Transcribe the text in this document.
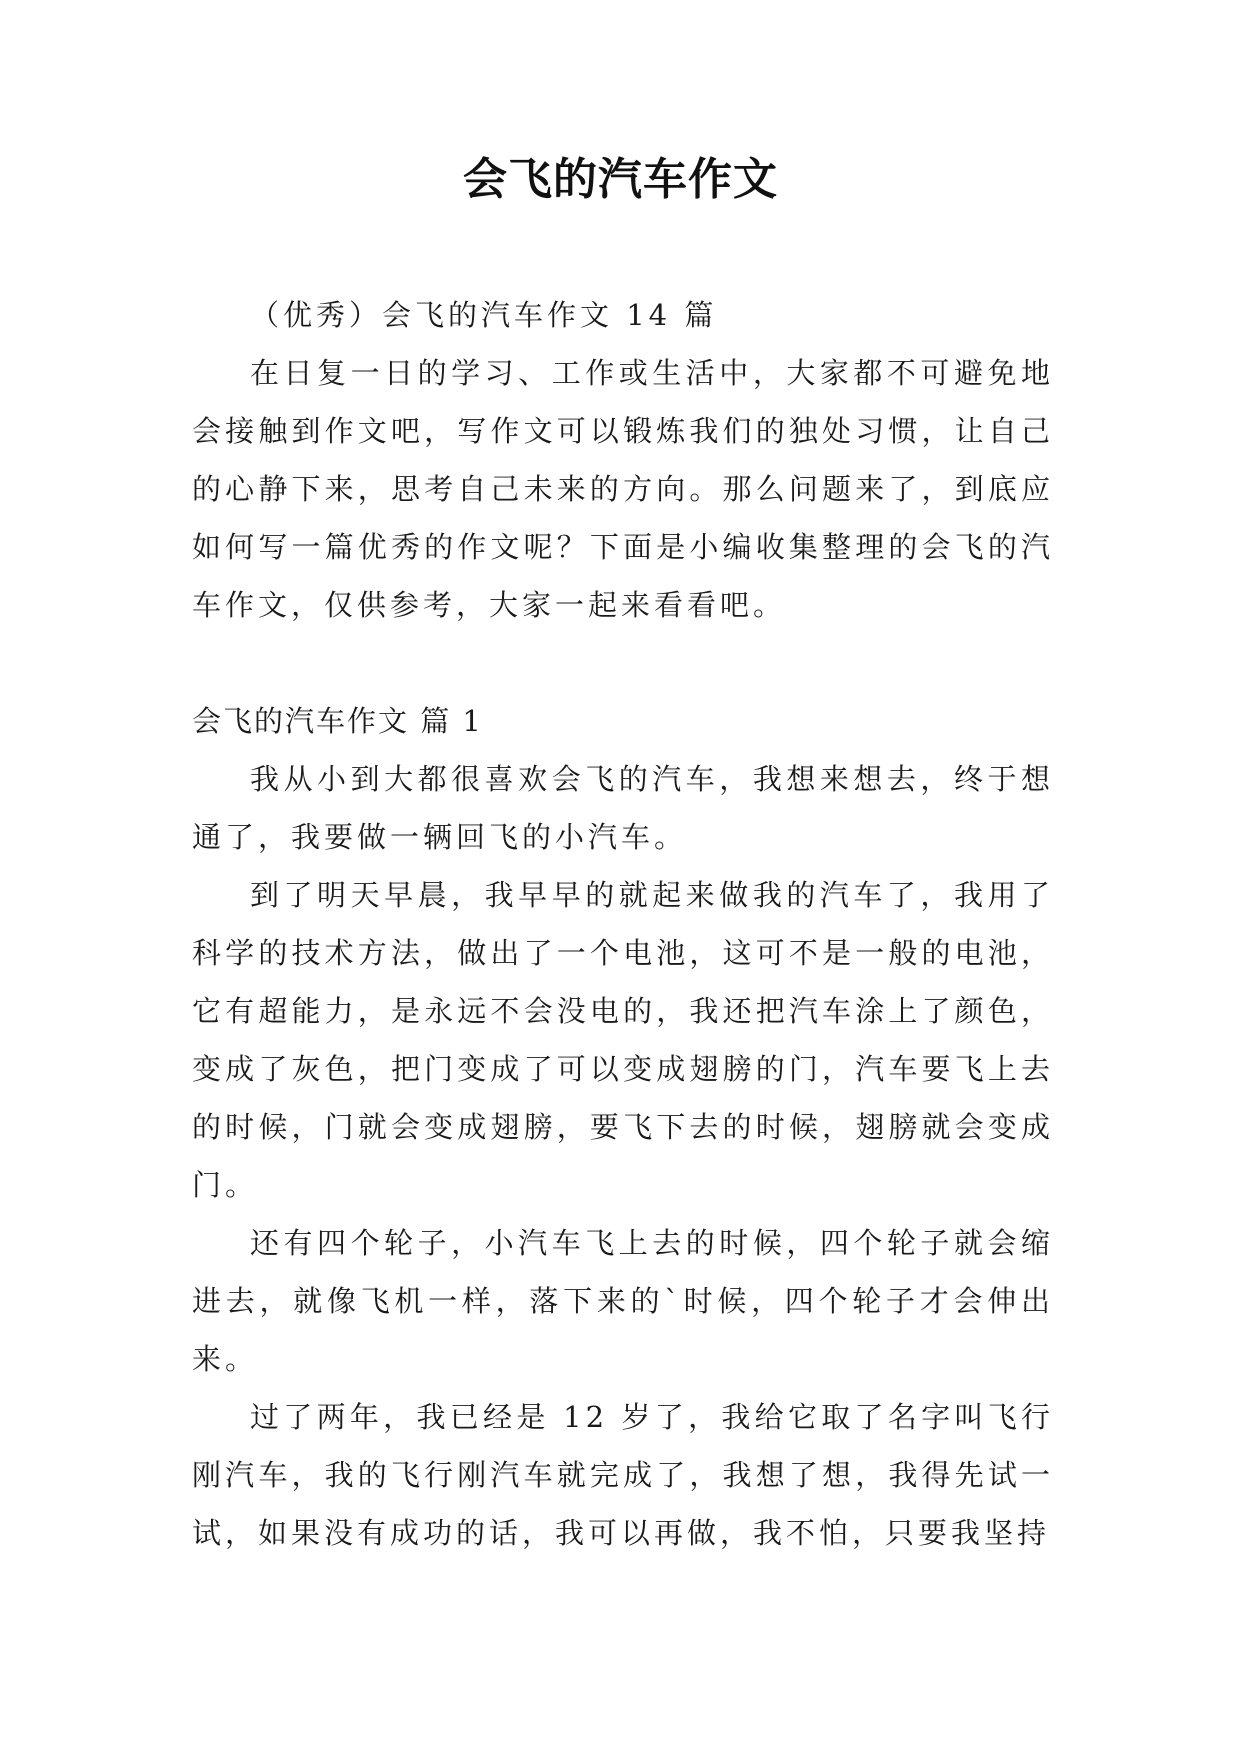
会飞的汽车作文

（优秀）会飞的汽车作文 14 篇

在日复一日的学习、工作或生活中，大家都不可避免地会接触到作文吧，写作文可以锻炼我们的独处习惯，让自己的心静下来，思考自己未来的方向。那么问题来了，到底应如何写一篇优秀的作文呢？下面是小编收集整理的会飞的汽车作文，仅供参考，大家一起来看看吧。

会飞的汽车作文 篇 1

我从小到大都很喜欢会飞的汽车，我想来想去，终于想通了，我要做一辆回飞的小汽车。

到了明天早晨，我早早的就起来做我的汽车了，我用了科学的技术方法，做出了一个电池，这可不是一般的电池，它有超能力，是永远不会没电的，我还把汽车涂上了颜色，变成了灰色，把门变成了可以变成翅膀的门，汽车要飞上去的时候，门就会变成翅膀，要飞下去的时候，翅膀就会变成门。

还有四个轮子，小汽车飞上去的时候，四个轮子就会缩进去，就像飞机一样，落下来的`时候，四个轮子才会伸出来。

过了两年，我已经是 12 岁了，我给它取了名字叫飞行刚汽车，我的飞行刚汽车就完成了，我想了想，我得先试一试，如果没有成功的话，我可以再做，我不怕，只要我坚持
